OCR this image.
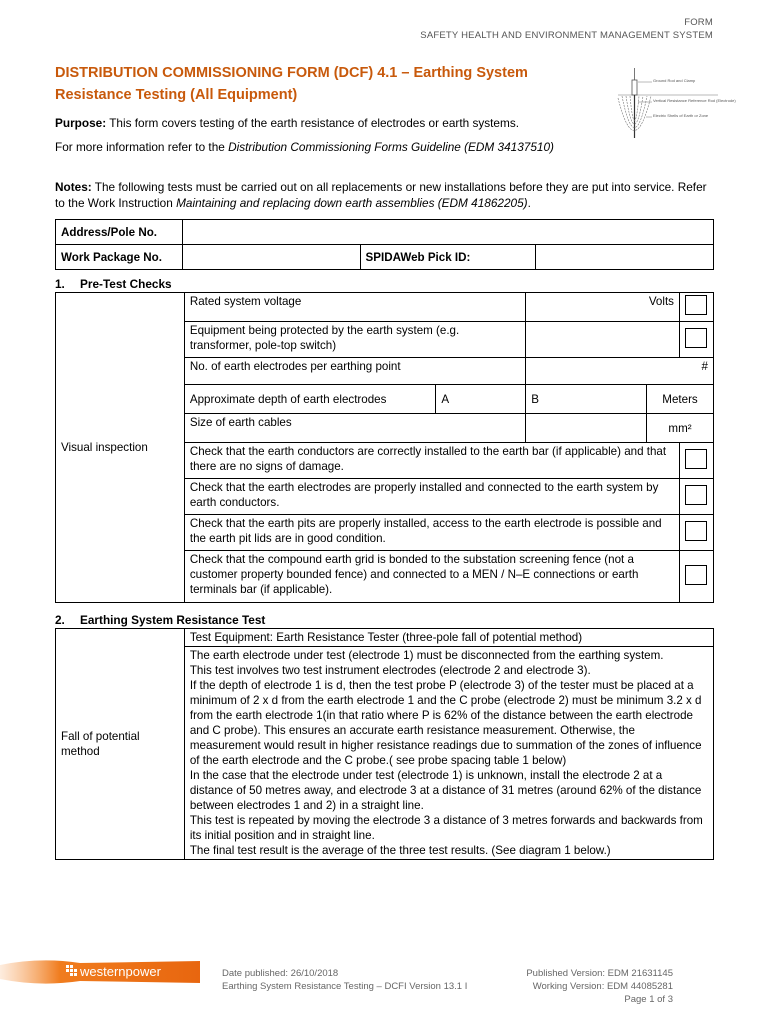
FORM
SAFETY HEALTH AND ENVIRONMENT MANAGEMENT SYSTEM
DISTRIBUTION COMMISSIONING FORM (DCF) 4.1 – Earthing System
Resistance Testing (All Equipment)
Ground Rod and Clamp
Vertical Resistance Reference Rod (Electrode)
Electric Shells of Earth or Zone
Purpose: This form covers testing of the earth resistance of electrodes or earth systems.
For more information refer to the Distribution Commissioning Forms Guideline (EDM 34137510)
Notes: The following tests must be carried out on all replacements or new installations before they are put into service. Refer to the Work Instruction Maintaining and replacing down earth assemblies (EDM 41862205).
Address/Pole No.			
Work Package No.		SPIDAWeb Pick ID:	
1. Pre-Test Checks
Visual inspection	Rated system voltage		Volts		
	Equipment being protected by the earth system (e.g. transformer, pole-top switch)				
	No. of earth electrodes per earthing point		#		
	Approximate depth of earth electrodes	A	B	Meters	
	Size of earth cables			mm²	
	Check that the earth conductors are correctly installed to the earth bar (if applicable) and that there are no signs of damage.				
	Check that the earth electrodes are properly installed and connected to the earth system by earth conductors.				
	Check that the earth pits are properly installed, access to the earth electrode is possible and the earth pit lids are in good condition.				
	Check that the compound earth grid is bonded to the substation screening fence (not a customer property bounded fence) and connected to a MEN / N–E connections or earth terminals bar (if applicable).				
2. Earthing System Resistance Test
Fall of potential method	Test Equipment: Earth Resistance Tester (three-pole fall of potential method)

The earth electrode under test (electrode 1) must be disconnected from the earthing system.
This test involves two test instrument electrodes (electrode 2 and electrode 3).
If the depth of electrode 1 is d, then the test probe P (electrode 3) of the tester must be placed at a minimum of 2 x d from the earth electrode 1 and the C probe (electrode 2) must be minimum 3.2 x d from the earth electrode 1(in that ratio where P is 62% of the distance between the earth electrode and C probe). This ensures an accurate earth resistance measurement. Otherwise, the measurement would result in higher resistance readings due to summation of the zones of influence of the earth electrode and the C probe.( see probe spacing table 1 below)
In the case that the electrode under test (electrode 1) is unknown, install the electrode 2 at a distance of 50 metres away, and electrode 3 at a distance of 31 metres (around 62% of the distance between electrodes 1 and 2) in a straight line.
This test is repeated by moving the electrode 3 a distance of 3 metres forwards and backwards from its initial position and in straight line.
The final test result is the average of the three test results. (See diagram 1 below.)
westernpower	Date published: 26/10/2018
Earthing System Resistance Testing – DCFI Version 13.1 I
Published Version: EDM 21631145
Working Version: EDM 44085281
Page 1 of 3
